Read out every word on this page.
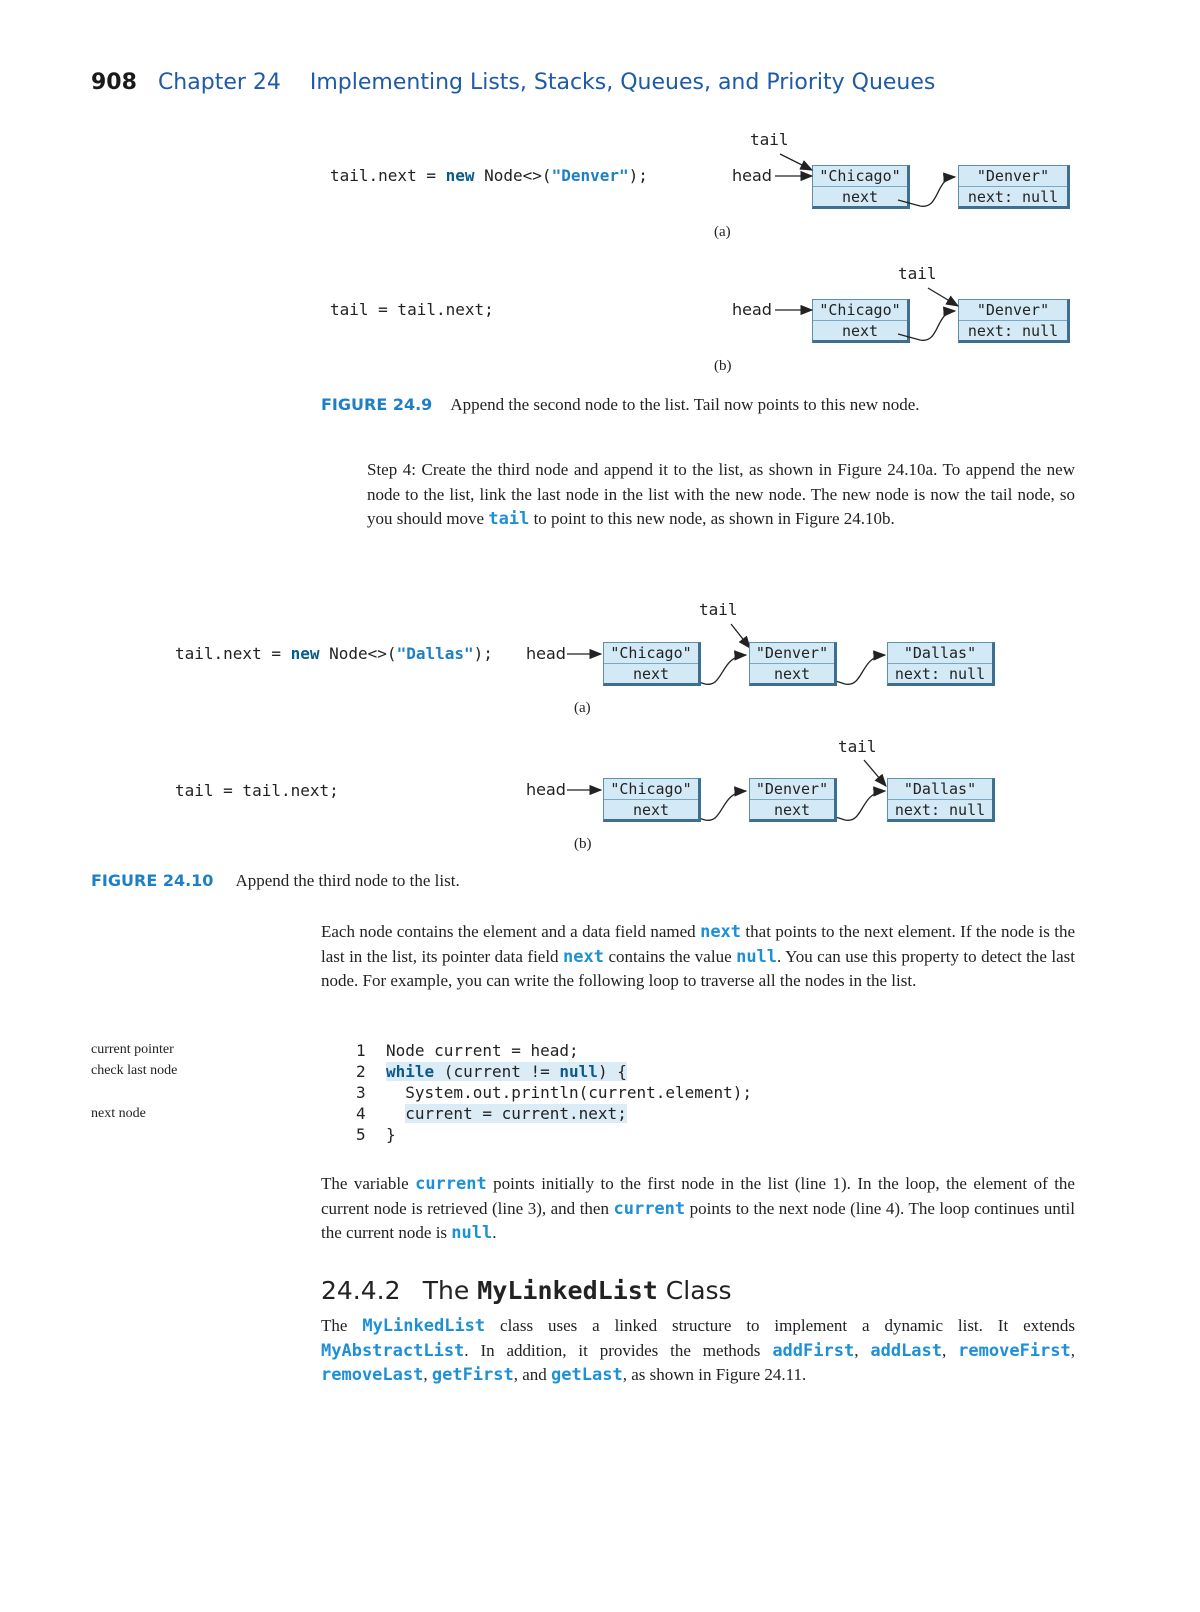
908 Chapter 24 Implementing Lists, Stacks, Queues, and Priority Queues
tail.next = new Node<>("Denver");
tail
head	"Chicago"
next
"Denver"
next: null
(a)
tail = tail.next;
tail
head	"Chicago"
next
"Denver"
next: null
(b)
FIGURE 24.9 Append the second node to the list. Tail now points to this new node.
Step 4: Create the third node and append it to the list, as shown in Figure 24.10a. To append the new node to the list, link the last node in the list with the new node. The new node is now the tail node, so you should move tail to point to this new node, as shown in Figure 24.10b.
tail.next = new Node<>("Dallas");
tail
head	"Chicago"
next
"Denver"
next
"Dallas"
next: null
(a)
tail = tail.next;
tail
head	"Chicago"
next
"Denver"
next
"Dallas"
next: null
(b)
FIGURE 24.10 Append the third node to the list.
Each node contains the element and a data field named next that points to the next element. If the node is the last in the list, its pointer data field next contains the value null. You can use this property to detect the last node. For example, you can write the following loop to traverse all the nodes in the list.
current pointer
check last node
next node
1 Node current = head;
2 while (current != null) {
3  System.out.println(current.element);
4 current = current.next;
5 }
The variable current points initially to the first node in the list (line 1). In the loop, the element of the current node is retrieved (line 3), and then current points to the next node (line 4). The loop continues until the current node is null.
24.4.2 The MyLinkedList Class
The MyLinkedList class uses a linked structure to implement a dynamic list. It extends MyAbstractList. In addition, it provides the methods addFirst, addLast, removeFirst, removeLast, getFirst, and getLast, as shown in Figure 24.11.
